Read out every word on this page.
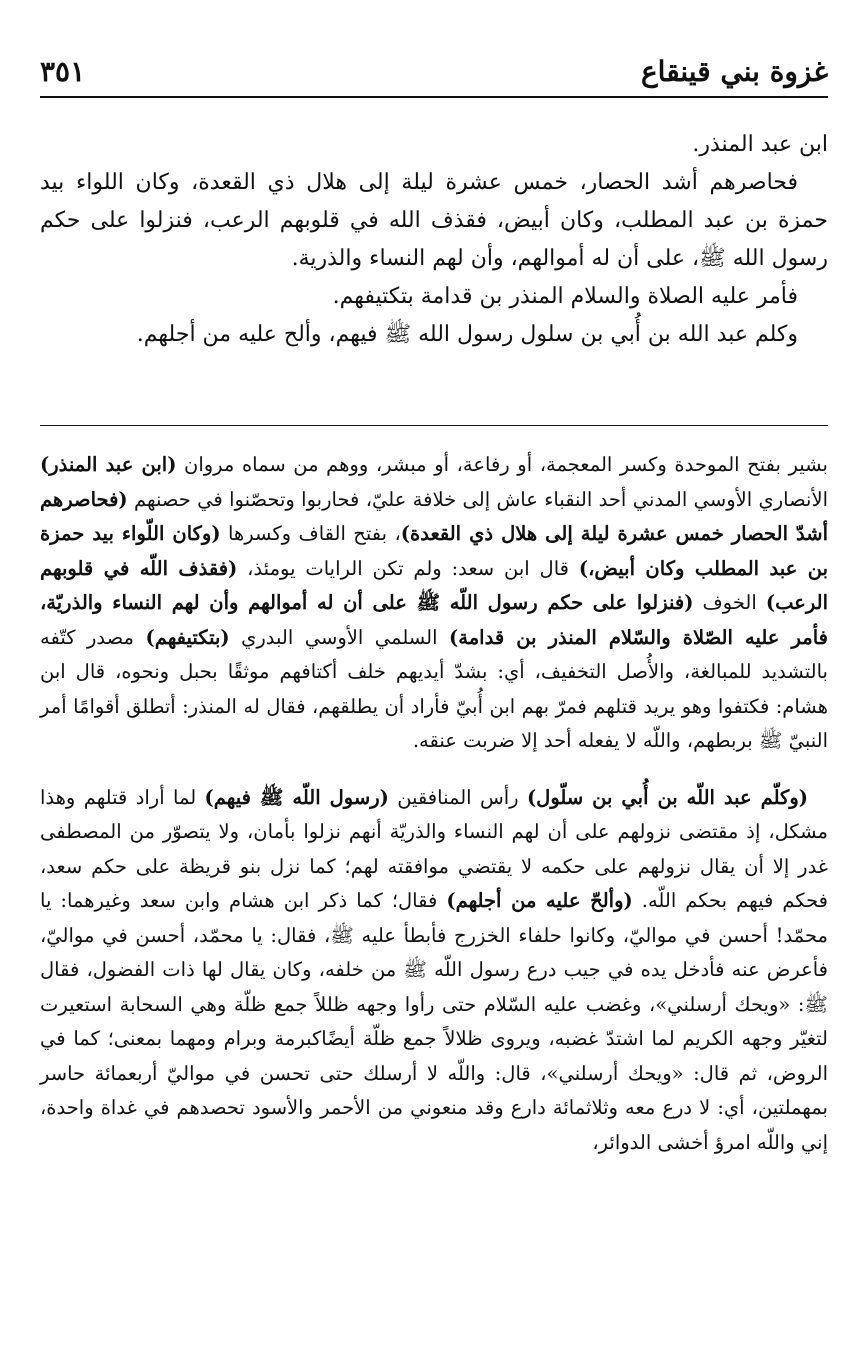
غزوة بني قينقاع
٣٥١

ابن عبد المنذر.

فحاصرهم أشد الحصار، خمس عشرة ليلة إلى هلال ذي القعدة، وكان اللواء بيد حمزة بن عبد المطلب، وكان أبيض، فقذف الله في قلوبهم الرعب، فنزلوا على حكم رسول الله ﷺ، على أن له أموالهم، وأن لهم النساء والذرية.

فأمر عليه الصلاة والسلام المنذر بن قدامة بتكتيفهم.

وكلم عبد الله بن أُبي بن سلول رسول الله ﷺ فيهم، وألح عليه من أجلهم.

بشير بفتح الموحدة وكسر المعجمة، أو رفاعة، أو مبشر، ووهم من سماه مروان (ابن عبد المنذر) الأنصاري الأوسي المدني أحد النقباء عاش إلى خلافة عليّ، فحاربوا وتحصّنوا في حصنهم (فحاصرهم أشدّ الحصار خمس عشرة ليلة إلى هلال ذي القعدة)، بفتح القاف وكسرها (وكان اللّواء بيد حمزة بن عبد المطلب وكان أبيض،) قال ابن سعد: ولم تكن الرايات يومئذ، (فقذف اللّه في قلوبهم الرعب) الخوف (فنزلوا على حكم رسول اللّه ﷺ على أن له أموالهم وأن لهم النساء والذريّة، فأمر عليه الصّلاة والسّلام المنذر بن قدامة) السلمي الأوسي البدري (بتكتيفهم) مصدر كتّفه بالتشديد للمبالغة، والأُصل التخفيف، أي: بشدّ أيديهم خلف أكتافهم موثقًا بحبل ونحوه، قال ابن هشام: فكتفوا وهو يريد قتلهم فمرّ بهم ابن أُبيّ فأراد أن يطلقهم، فقال له المنذر: أتطلق أقوامًا أمر النبيّ ﷺ بربطهم، واللّه لا يفعله أحد إلا ضربت عنقه.

(وكلّم عبد اللّه بن أُبي بن سلّول) رأس المنافقين (رسول اللّه ﷺ فيهم) لما أراد قتلهم وهذا مشكل، إذ مقتضى نزولهم على أن لهم النساء والذريّة أنهم نزلوا بأمان، ولا يتصوّر من المصطفى غدر إلا أن يقال نزولهم على حكمه لا يقتضي موافقته لهم؛ كما نزل بنو قريظة على حكم سعد، فحكم فيهم بحكم اللّه. (وألحّ عليه من أجلهم) فقال؛ كما ذكر ابن هشام وابن سعد وغيرهما: يا محمّد! أحسن في مواليّ، وكانوا حلفاء الخزرج فأبطأ عليه ﷺ، فقال: يا محمّد، أحسن في مواليّ، فأعرض عنه فأدخل يده في جيب درع رسول اللّه ﷺ من خلفه، وكان يقال لها ذات الفضول، فقال ﷺ: «ويحك أرسلني»، وغضب عليه السّلام حتى رأوا وجهه ظللاً جمع ظلّة وهي السحابة استعيرت لتغيّر وجهه الكريم لما اشتدّ غضبه، ويروى ظلالاً جمع ظلّة أيضًاكبرمة وبرام ومهما بمعنى؛ كما في الروض، ثم قال: «ويحك أرسلني»، قال: واللّه لا أرسلك حتى تحسن في مواليّ أربعمائة حاسر بمهملتين، أي: لا درع معه وثلاثمائة دارع وقد منعوني من الأحمر والأسود تحصدهم في غداة واحدة، إني واللّه امرؤ أخشى الدوائر،
